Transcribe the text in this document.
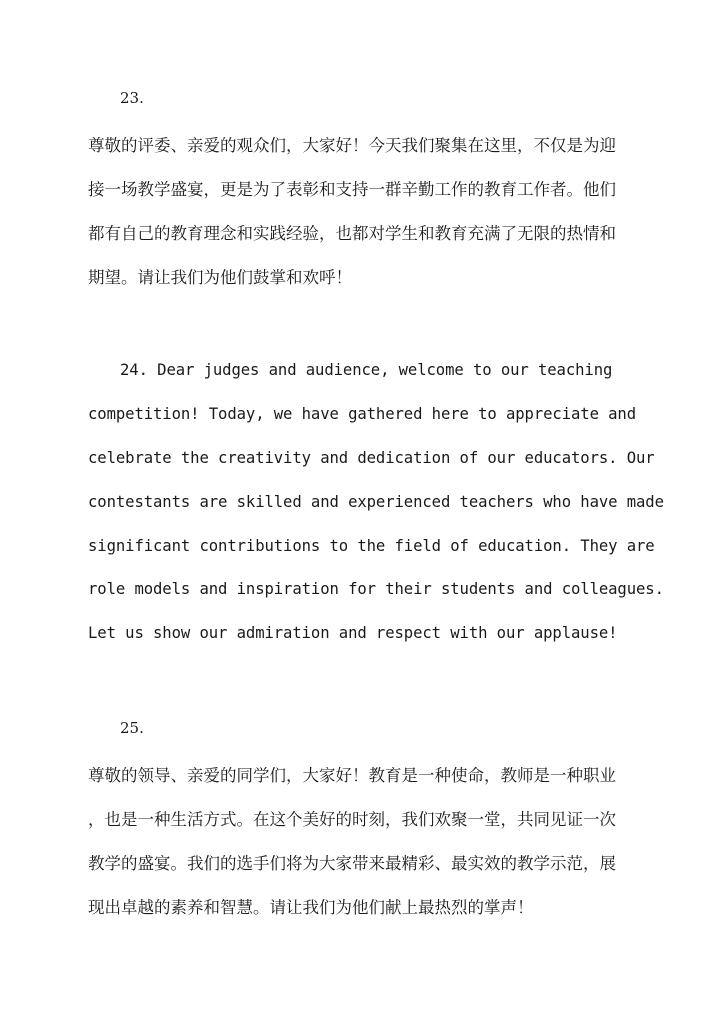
23.
尊敬的评委、亲爱的观众们，大家好！今天我们聚集在这里，不仅是为迎
接一场教学盛宴，更是为了表彰和支持一群辛勤工作的教育工作者。他们
都有自己的教育理念和实践经验，也都对学生和教育充满了无限的热情和
期望。请让我们为他们鼓掌和欢呼！
24. Dear judges and audience, welcome to our teaching
competition! Today, we have gathered here to appreciate and
celebrate the creativity and dedication of our educators. Our
contestants are skilled and experienced teachers who have made
significant contributions to the field of education. They are
role models and inspiration for their students and colleagues.
Let us show our admiration and respect with our applause!
25.
尊敬的领导、亲爱的同学们，大家好！教育是一种使命，教师是一种职业
，也是一种生活方式。在这个美好的时刻，我们欢聚一堂，共同见证一次
教学的盛宴。我们的选手们将为大家带来最精彩、最实效的教学示范，展
现出卓越的素养和智慧。请让我们为他们献上最热烈的掌声！
